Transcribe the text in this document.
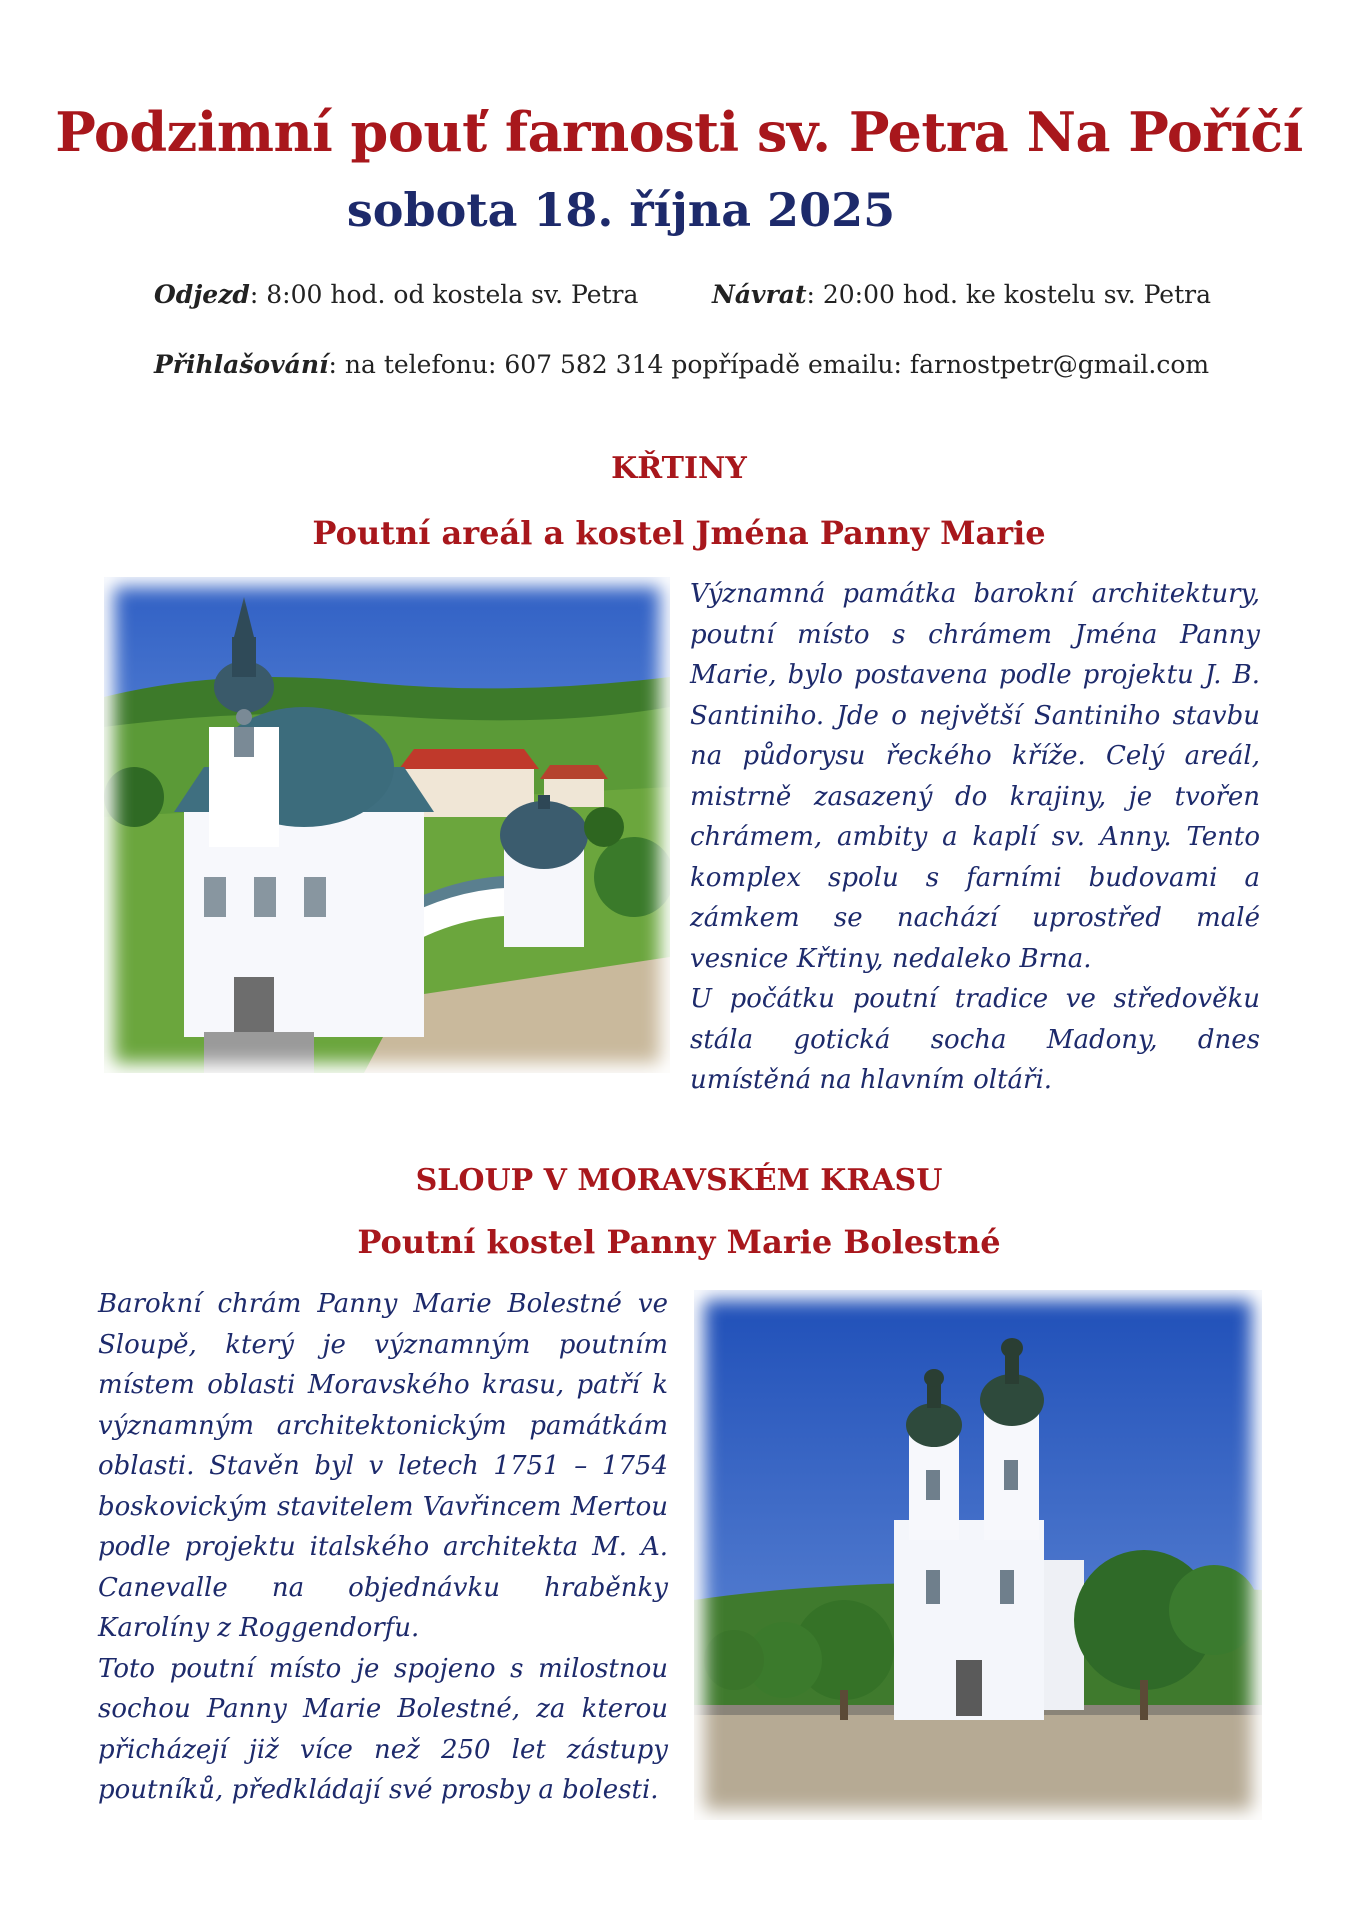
Podzimní pouť farnosti sv. Petra Na Poříčí
sobota 18. října 2025
Odjezd: 8:00 hod. od kostela sv. Petra	Návrat: 20:00 hod. ke kostelu sv. Petra
Přihlašování: na telefonu: 607 582 314 popřípadě emailu: farnostpetr@gmail.com
KŘTINY
Poutní areál a kostel Jména Panny Marie

Významná památka barokní architektury, poutní místo s chrámem Jména Panny Marie, bylo postavena podle projektu J. B. Santiniho. Jde o největší Santiniho stavbu na půdorysu řeckého kříže. Celý areál, mistrně zasazený do krajiny, je tvořen chrámem, ambity a kaplí sv. Anny. Tento komplex spolu s farními budovami a zámkem se nachází uprostřed malé vesnice Křtiny, nedaleko Brna.

U počátku poutní tradice ve středověku stála gotická socha Madony, dnes umístěná na hlavním oltáři.

SLOUP V MORAVSKÉM KRASU
Poutní kostel Panny Marie Bolestné

Barokní chrám Panny Marie Bolestné ve Sloupě, který je významným poutním místem oblasti Moravského krasu, patří k významným architektonickým památkám oblasti. Stavěn byl v letech 1751 – 1754 boskovickým stavitelem Vavřincem Mertou podle projektu italského architekta M. A. Canevalle na objednávku hraběnky Karolíny z Roggendorfu.

Toto poutní místo je spojeno s milostnou sochou Panny Marie Bolestné, za kterou přicházejí již více než 250 let zástupy poutníků, předkládají své prosby a bolesti.
